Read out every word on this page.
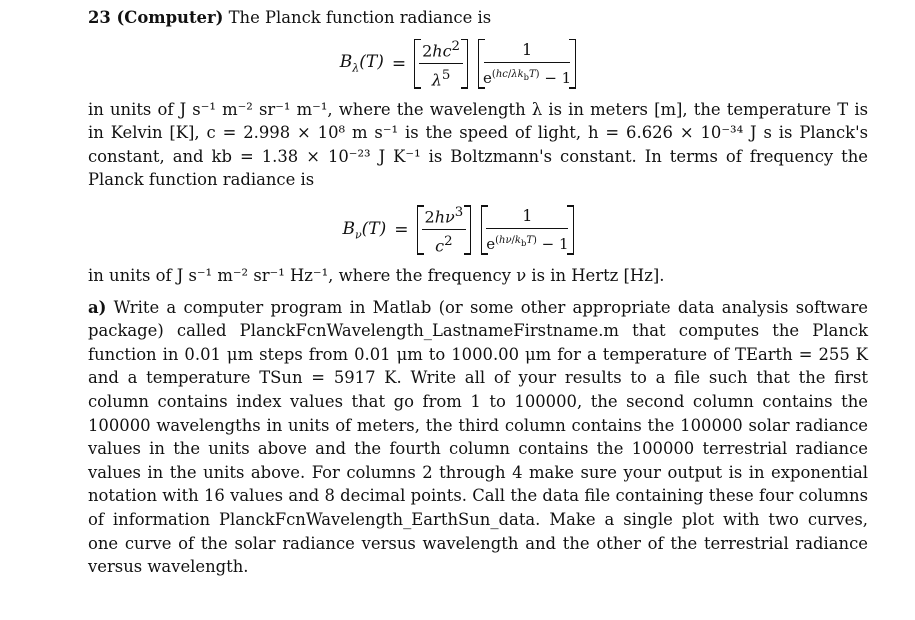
23 (Computer) The Planck function radiance is

$B_\lambda(T) = \frac{2hc^2}{\lambda^5} \frac{1}{e^{(hc/\lambda k_bT)} - 1}$

in units of J s⁻¹ m⁻² sr⁻¹ m⁻¹, where the wavelength λ is in meters [m], the temperature T is in Kelvin [K], c = 2.998 × 10⁸ m s⁻¹ is the speed of light, h = 6.626 × 10⁻³⁴ J s is Planck's constant, and kb = 1.38 × 10⁻²³ J K⁻¹ is Boltzmann's constant. In terms of frequency the Planck function radiance is

$B_\nu(T) = \frac{2h\nu^3}{c^2} \frac{1}{e^{(h\nu/k_bT)} - 1}$

in units of J s⁻¹ m⁻² sr⁻¹ Hz⁻¹, where the frequency ν is in Hertz [Hz].

a) Write a computer program in Matlab (or some other appropriate data analysis software package) called PlanckFcnWavelength_LastnameFirstname.m that computes the Planck function in 0.01 μm steps from 0.01 μm to 1000.00 μm for a temperature of TEarth = 255 K and a temperature TSun = 5917 K. Write all of your results to a file such that the first column contains index values that go from 1 to 100000, the second column contains the 100000 wavelengths in units of meters, the third column contains the 100000 solar radiance values in the units above and the fourth column contains the 100000 terrestrial radiance values in the units above. For columns 2 through 4 make sure your output is in exponential notation with 16 values and 8 decimal points. Call the data file containing these four columns of information PlanckFcnWavelength_EarthSun_data. Make a single plot with two curves, one curve of the solar radiance versus wavelength and the other of the terrestrial radiance versus wavelength.
